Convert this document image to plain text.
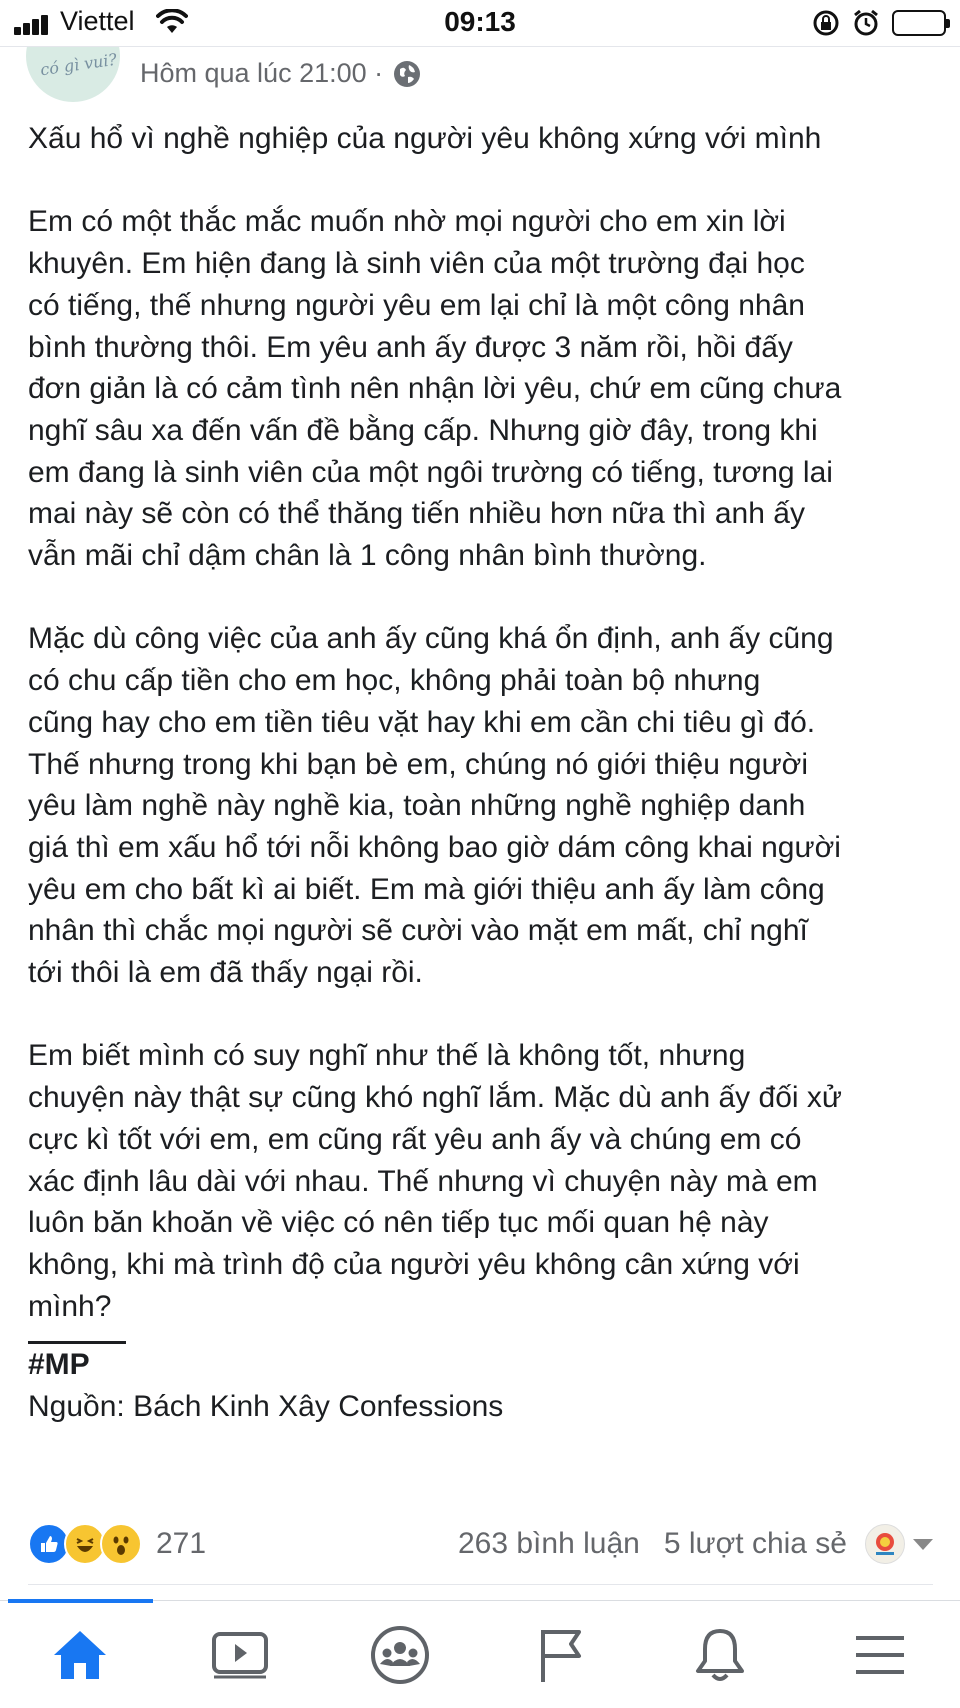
Viettel	09:13
có gì vui? Hôm qua lúc 21:00 ·

Xấu hổ vì nghề nghiệp của người yêu không xứng với mình

Em có một thắc mắc muốn nhờ mọi người cho em xin lời
khuyên. Em hiện đang là sinh viên của một trường đại học
có tiếng, thế nhưng người yêu em lại chỉ là một công nhân
bình thường thôi. Em yêu anh ấy được 3 năm rồi, hồi đấy
đơn giản là có cảm tình nên nhận lời yêu, chứ em cũng chưa
nghĩ sâu xa đến vấn đề bằng cấp. Nhưng giờ đây, trong khi
em đang là sinh viên của một ngôi trường có tiếng, tương lai
mai này sẽ còn có thể thăng tiến nhiều hơn nữa thì anh ấy
vẫn mãi chỉ dậm chân là 1 công nhân bình thường.

Mặc dù công việc của anh ấy cũng khá ổn định, anh ấy cũng
có chu cấp tiền cho em học, không phải toàn bộ nhưng
cũng hay cho em tiền tiêu vặt hay khi em cần chi tiêu gì đó.
Thế nhưng trong khi bạn bè em, chúng nó giới thiệu người
yêu làm nghề này nghề kia, toàn những nghề nghiệp danh
giá thì em xấu hổ tới nỗi không bao giờ dám công khai người
yêu em cho bất kì ai biết. Em mà giới thiệu anh ấy làm công
nhân thì chắc mọi người sẽ cười vào mặt em mất, chỉ nghĩ
tới thôi là em đã thấy ngại rồi.

Em biết mình có suy nghĩ như thế là không tốt, nhưng
chuyện này thật sự cũng khó nghĩ lắm. Mặc dù anh ấy đối xử
cực kì tốt với em, em cũng rất yêu anh ấy và chúng em có
xác định lâu dài với nhau. Thế nhưng vì chuyện này mà em
luôn băn khoăn về việc có nên tiếp tục mối quan hệ này
không, khi mà trình độ của người yêu không cân xứng với
mình?

#MP

Nguồn: Bách Kinh Xây Confessions

271	263 bình luận 5 lượt chia sẻ
